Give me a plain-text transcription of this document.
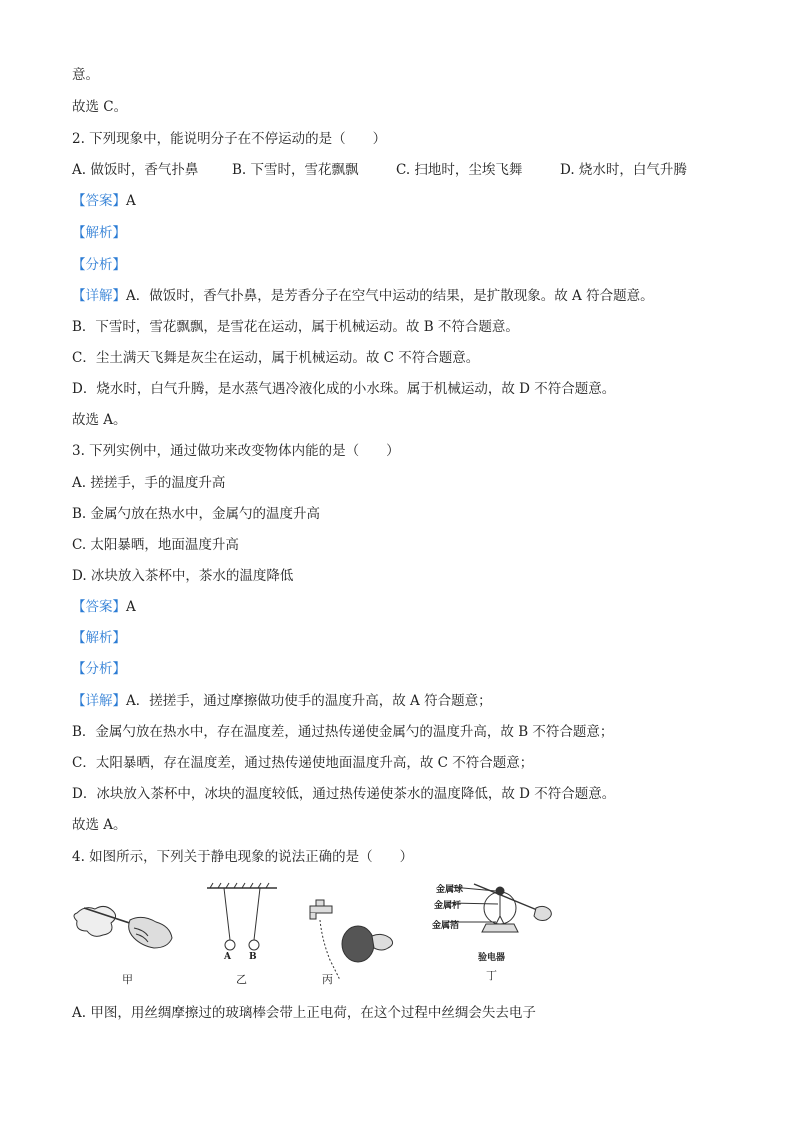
意。
故选 C。
2. 下列现象中，能说明分子在不停运动的是（　　）
A. 做饭时，香气扑鼻 B. 下雪时，雪花飘飘	C. 扫地时，尘埃飞舞	D. 烧水时，白气升腾
【答案】A
【解析】
【分析】
【详解】A．做饭时，香气扑鼻，是芳香分子在空气中运动的结果，是扩散现象。故 A 符合题意。
B．下雪时，雪花飘飘，是雪花在运动，属于机械运动。故 B 不符合题意。
C．尘土满天飞舞是灰尘在运动，属于机械运动。故 C 不符合题意。
D．烧水时，白气升腾，是水蒸气遇冷液化成的小水珠。属于机械运动，故 D 不符合题意。
故选 A。
3. 下列实例中，通过做功来改变物体内能的是（　　）
A. 搓搓手，手的温度升高
B. 金属勺放在热水中，金属勺的温度升高
C. 太阳暴晒，地面温度升高
D. 冰块放入茶杯中，茶水的温度降低
【答案】A
【解析】
【分析】
【详解】A．搓搓手，通过摩擦做功使手的温度升高，故 A 符合题意；
B．金属勺放在热水中，存在温度差，通过热传递使金属勺的温度升高，故 B 不符合题意；
C．太阳暴晒，存在温度差，通过热传递使地面温度升高，故 C 不符合题意；
D．冰块放入茶杯中，冰块的温度较低，通过热传递使茶水的温度降低，故 D 不符合题意。
故选 A。
4. 如图所示，下列关于静电现象的说法正确的是（　　）
甲	乙	丙	丁
A B
金属球
金属杆
金属箔
验电器
A. 甲图，用丝绸摩擦过的玻璃棒会带上正电荷，在这个过程中丝绸会失去电子
